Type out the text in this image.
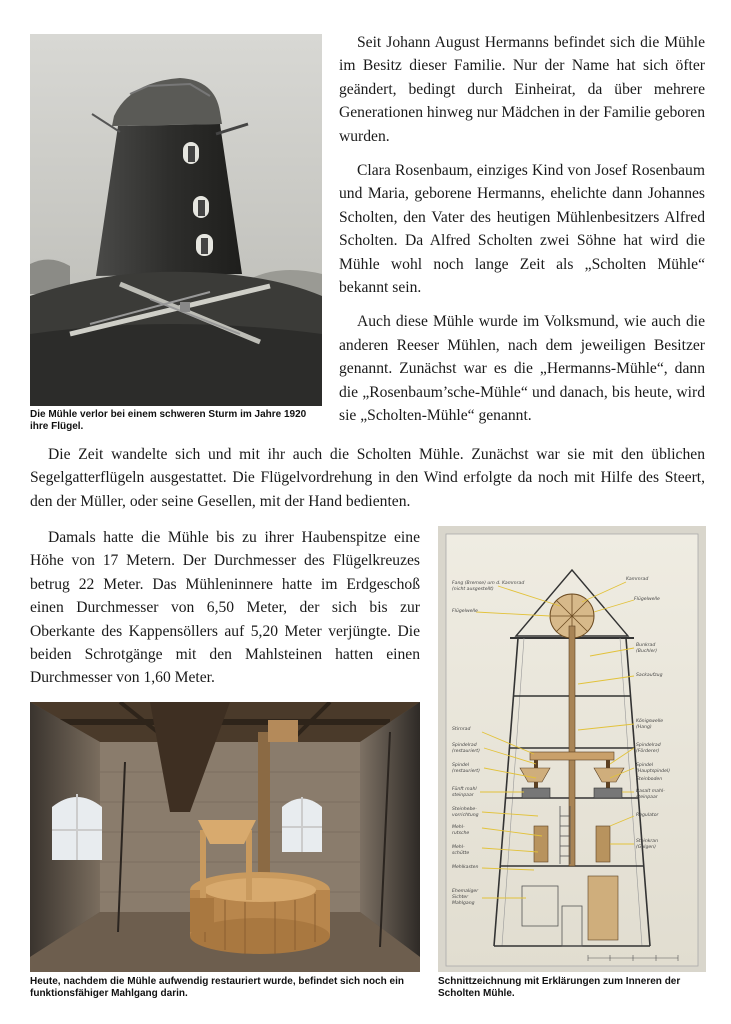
Die Mühle verlor bei einem schweren Sturm im Jahre 1920 ihre Flügel.

Seit Johann August Hermanns befindet sich die Mühle im Besitz dieser Familie. Nur der Name hat sich öfter geändert, bedingt durch Einheirat, da über mehrere Generationen hinweg nur Mädchen in der Familie geboren wurden.

Clara Rosenbaum, einziges Kind von Josef Rosenbaum und Maria, geborene Hermanns, ehelichte dann Johannes Scholten, den Vater des heutigen Mühlenbesitzers Alfred Scholten. Da Alfred Scholten zwei Söhne hat wird die Mühle wohl noch lange Zeit als „Scholten Mühle“ bekannt sein.

Auch diese Mühle wurde im Volksmund, wie auch die anderen Reeser Mühlen, nach dem jeweiligen Besitzer genannt. Zunächst war es die „Hermanns-Mühle“, dann die „Rosenbaum’sche-Mühle“ und danach, bis heute, wird sie „Scholten-Mühle“ genannt.

Die Zeit wandelte sich und mit ihr auch die Scholten Mühle. Zunächst war sie mit den üblichen Segelgatterflügeln ausgestattet. Die Flügelvordrehung in den Wind erfolgte da noch mit Hilfe des Steert, den der Müller, oder seine Gesellen, mit der Hand bedienten.

Damals hatte die Mühle bis zu ihrer Haubenspitze eine Höhe von 17 Metern. Der Durchmesser des Flügelkreuzes betrug 22 Meter. Das Mühleninnere hatte im Erdgeschoß einen Durchmesser von 6,50 Meter, der sich bis zur Oberkante des Kappensöllers auf 5,20 Meter verjüngte. Die beiden Schrotgänge mit den Mahlsteinen hatten einen Durchmesser von 1,60 Meter.

Heute, nachdem die Mühle aufwendig restauriert wurde, befindet sich noch ein funktionsfähiger Mahlgang darin.

Fang (Bremse) um d. Kammrad
(nicht ausgestellt)
Flügelwelle
Stirnrad
Spindelrad
(restauriert)
Spindel
(restauriert)
Fünft mahl
steinpaar
Steinhebe-
vorrichtung
Mehl-
rutsche
Mehl-
schütte
Mehlkasten
Ehemaliger
Sichter
Mahlgang
Kammrad
Flügelwelle
Bunkrad
(Buchler)
Sackaufzug
Königswelle
(Hang)
Spindelrad
(Förderer)
Spindel
(Hauptspindel)
Steinboden
Basalt mahl-
steinpaar
Regulator
Steinkran
(Galgen)

Schnittzeichnung mit Erklärungen zum Inneren der Scholten Mühle.
